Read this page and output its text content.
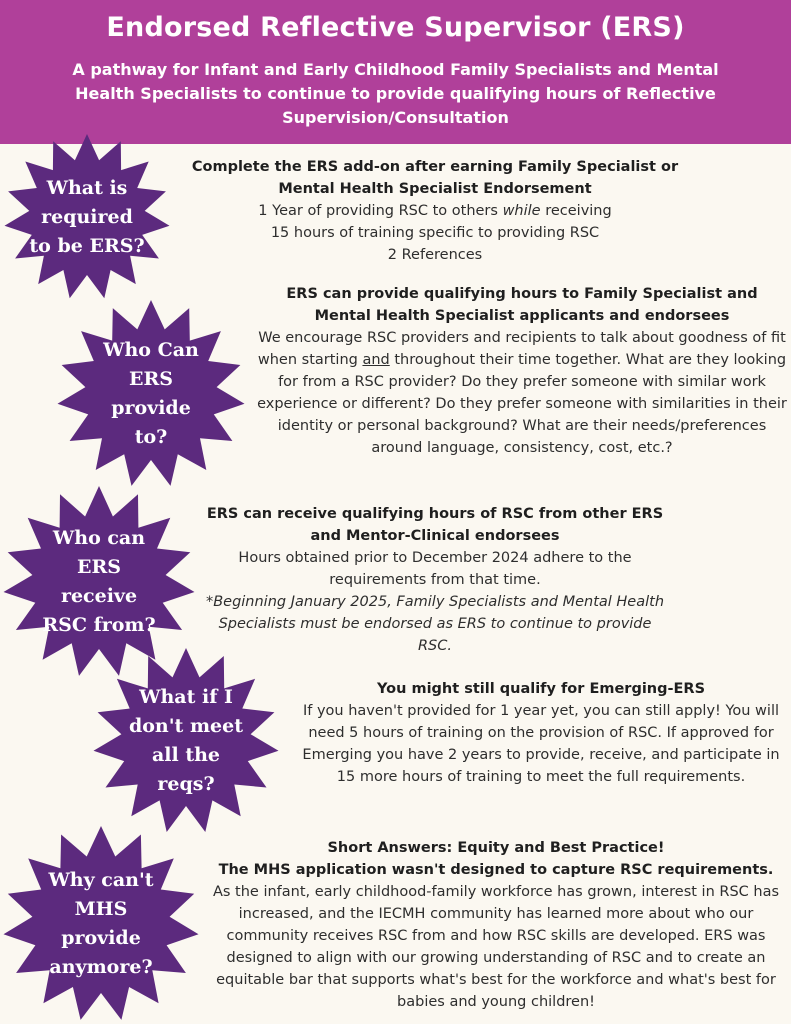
Endorsed Reflective Supervisor (ERS)
A pathway for Infant and Early Childhood Family Specialists and Mental Health Specialists to continue to provide qualifying hours of Reflective Supervision/Consultation
What is required to be ERS?
Complete the ERS add-on after earning Family Specialist or Mental Health Specialist Endorsement
1 Year of providing RSC to others while receiving
15 hours of training specific to providing RSC
2 References
Who Can ERS provide to?
ERS can provide qualifying hours to Family Specialist and Mental Health Specialist applicants and endorsees
We encourage RSC providers and recipients to talk about goodness of fit when starting and throughout their time together. What are they looking for from a RSC provider? Do they prefer someone with similar work experience or different? Do they prefer someone with similarities in their identity or personal background? What are their needs/preferences around language, consistency, cost, etc.?
Who can ERS receive RSC from?
ERS can receive qualifying hours of RSC from other ERS and Mentor-Clinical endorsees
Hours obtained prior to December 2024 adhere to the requirements from that time.
*Beginning January 2025, Family Specialists and Mental Health Specialists must be endorsed as ERS to continue to provide RSC.
What if I don't meet all the reqs?
You might still qualify for Emerging-ERS
If you haven't provided for 1 year yet, you can still apply! You will need 5 hours of training on the provision of RSC. If approved for Emerging you have 2 years to provide, receive, and participate in 15 more hours of training to meet the full requirements.
Why can't MHS provide anymore?
Short Answers: Equity and Best Practice!
The MHS application wasn't designed to capture RSC requirements.
As the infant, early childhood-family workforce has grown, interest in RSC has increased, and the IECMH community has learned more about who our community receives RSC from and how RSC skills are developed. ERS was designed to align with our growing understanding of RSC and to create an equitable bar that supports what's best for the workforce and what's best for babies and young children!
